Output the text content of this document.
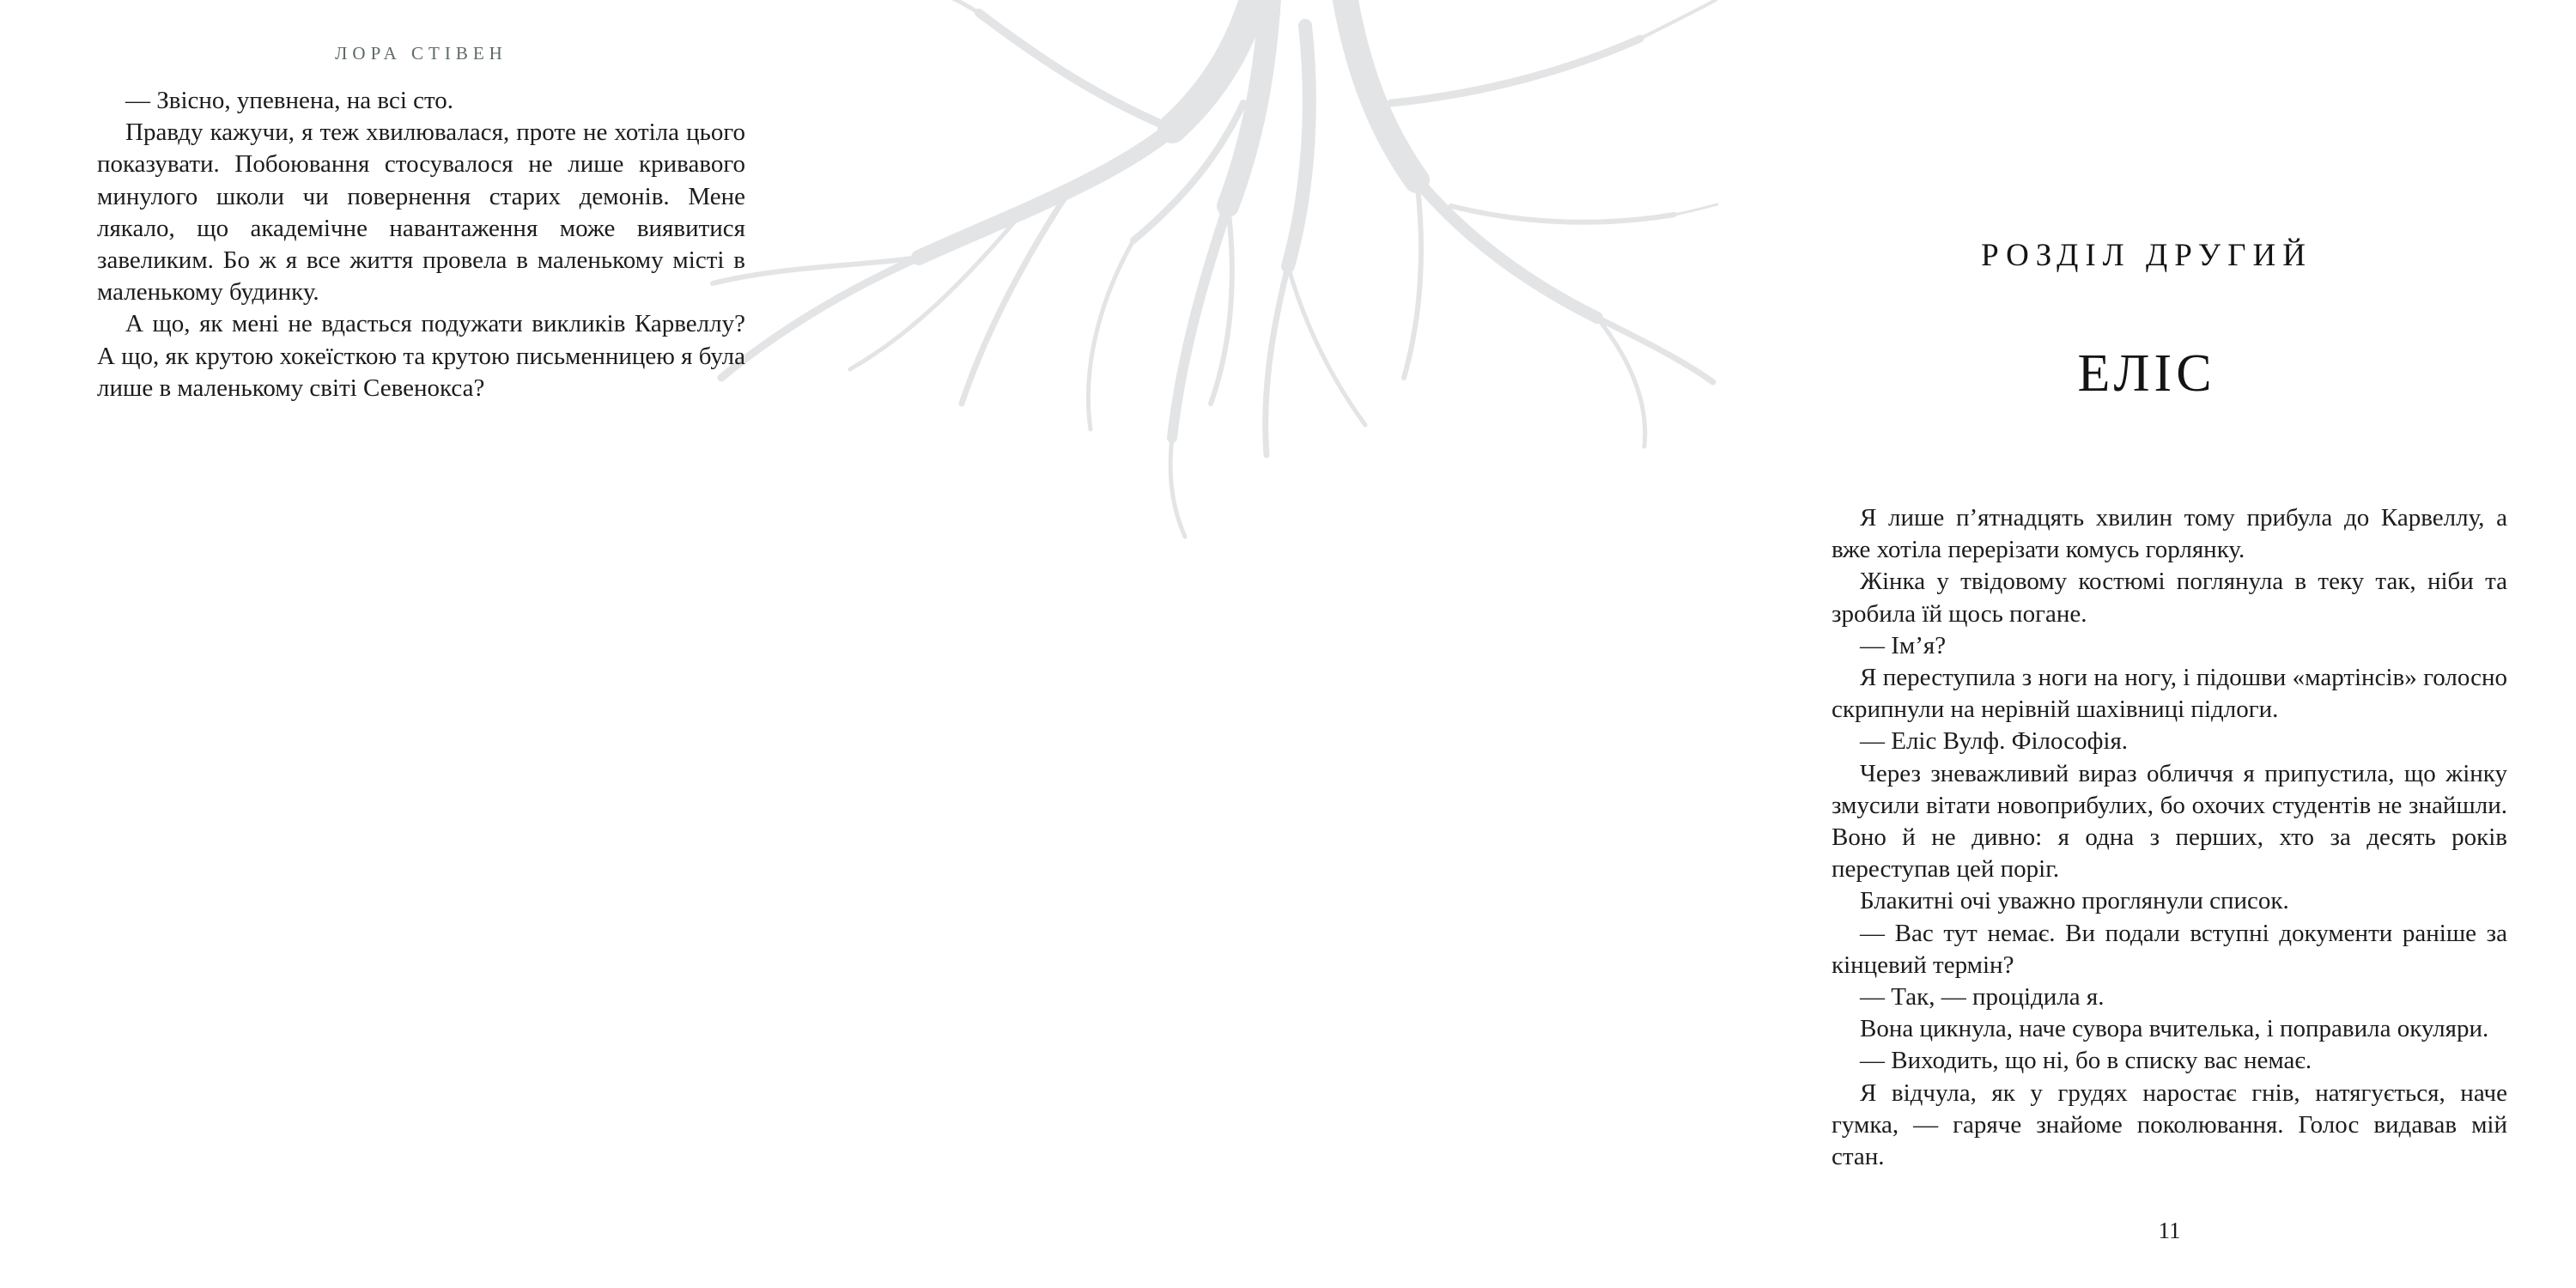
ЛОРА СТІВЕН

— Звісно, упевнена, на всі сто.

Правду кажучи, я теж хвилювалася, проте не хотіла цього показувати. Побоювання стосувалося не лише кривавого минулого школи чи повернення старих демонів. Мене лякало, що академічне навантаження може виявитися завеликим. Бо ж я все життя провела в маленькому місті в маленькому будинку.

А що, як мені не вдасться подужати викликів Карвеллу? А що, як крутою хокеїсткою та крутою письменницею я була лише в маленькому світі Севенокса?

РОЗДІЛ ДРУГИЙ
ЕЛІС

Я лише п’ятнадцять хвилин тому прибула до Карвеллу, а вже хотіла перерізати комусь горлянку.

Жінка у твідовому костюмі поглянула в теку так, ніби та зробила їй щось погане.

— Ім’я?

Я переступила з ноги на ногу, і підошви «мартінсів» голосно скрипнули на нерівній шахівниці підлоги.

— Еліс Вулф. Філософія.

Через зневажливий вираз обличчя я припустила, що жінку змусили вітати новоприбулих, бо охочих студентів не знайшли. Воно й не дивно: я одна з перших, хто за десять років переступав цей поріг.

Блакитні очі уважно проглянули список.

— Вас тут немає. Ви подали вступні документи раніше за кінцевий термін?

— Так, — процідила я.

Вона цикнула, наче сувора вчителька, і поправила окуляри.

— Виходить, що ні, бо в списку вас немає.

Я відчула, як у грудях наростає гнів, натягується, наче гумка, — гаряче знайоме поколювання. Голос видавав мій стан.

11
